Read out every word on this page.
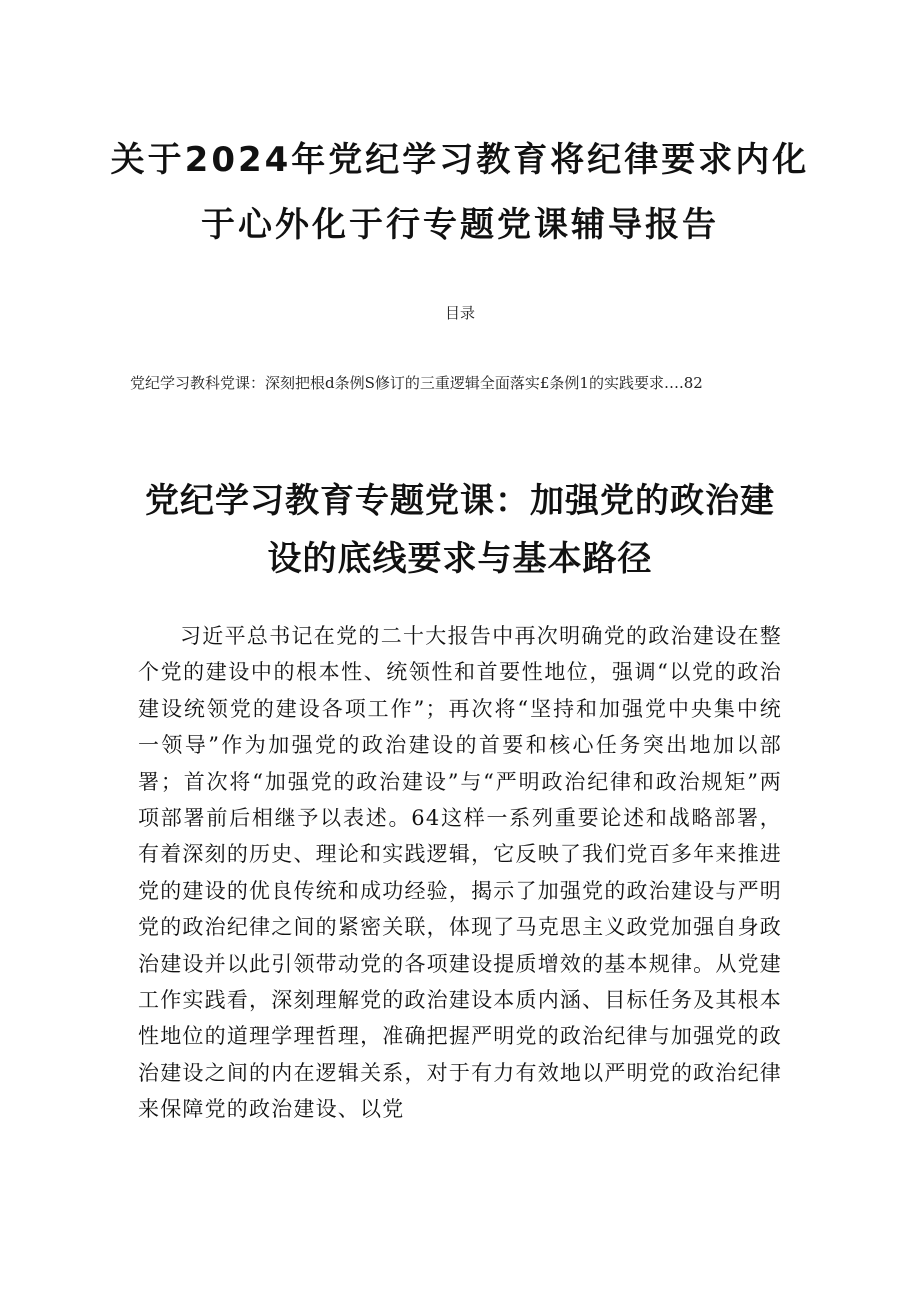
关于2024年党纪学习教育将纪律要求内化
于心外化于行专题党课辅导报告
目录
党纪学习教科党课：深刻把根d条例S修订的三重逻辑全面落实£条例1的实践要求….82
党纪学习教育专题党课：加强党的政治建
设的底线要求与基本路径

习近平总书记在党的二十大报告中再次明确党的政治建设在整个党的建设中的根本性、统领性和首要性地位，强调“以党的政治建设统领党的建设各项工作”；再次将“坚持和加强党中央集中统一领导”作为加强党的政治建设的首要和核心任务突出地加以部署；首次将“加强党的政治建设”与“严明政治纪律和政治规矩”两项部署前后相继予以表述。64这样一系列重要论述和战略部署，有着深刻的历史、理论和实践逻辑，它反映了我们党百多年来推进党的建设的优良传统和成功经验，揭示了加强党的政治建设与严明党的政治纪律之间的紧密关联，体现了马克思主义政党加强自身政治建设并以此引领带动党的各项建设提质增效的基本规律。从党建工作实践看，深刻理解党的政治建设本质内涵、目标任务及其根本性地位的道理学理哲理，准确把握严明党的政治纪律与加强党的政治建设之间的内在逻辑关系，对于有力有效地以严明党的政治纪律来保障党的政治建设、以党
